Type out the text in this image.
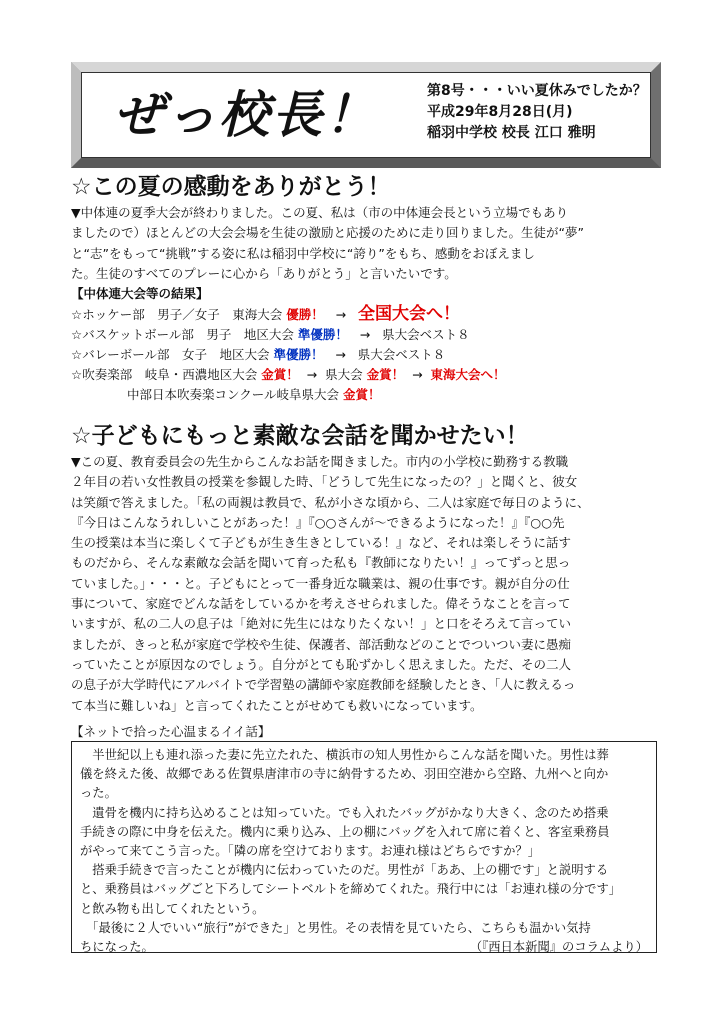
ぜっ校長！	第8号・・・いい夏休みでしたか？
平成29年8月28日(月)
稲羽中学校 校長 江口 雅明
☆この夏の感動をありがとう！

▼中体連の夏季大会が終わりました。この夏、私は（市の中体連会長という立場でもあり

ましたので）ほとんどの大会会場を生徒の激励と応援のために走り回りました。生徒が“夢”

と“志”をもって“挑戦”する姿に私は稲羽中学校に“誇り”をもち、感動をおぼえまし

た。生徒のすべてのプレーに心から「ありがとう」と言いたいです。

【中体連大会等の結果】
☆ホッケー部　男子／女子　東海大会 優勝！ → 全国大会へ！
☆バスケットボール部　男子　地区大会 準優勝！ → 県大会ベスト８
☆バレーボール部　女子　地区大会 準優勝！ → 県大会ベスト８
☆吹奏楽部　岐阜・西濃地区大会 金賞！ → 県大会 金賞！ → 東海大会へ！
中部日本吹奏楽コンクール岐阜県大会 金賞！
☆子どもにもっと素敵な会話を聞かせたい！

▼この夏、教育委員会の先生からこんなお話を聞きました。市内の小学校に勤務する教職

２年目の若い女性教員の授業を参観した時、「どうして先生になったの？」と聞くと、彼女

は笑顔で答えました。「私の両親は教員で、私が小さな頃から、二人は家庭で毎日のように、

『今日はこんなうれしいことがあった！』『○○さんが～できるようになった！』『○○先

生の授業は本当に楽しくて子どもが生き生きとしている！』など、それは楽しそうに話す

ものだから、そんな素敵な会話を聞いて育った私も『教師になりたい！』ってずっと思っ

ていました。」・・・と。子どもにとって一番身近な職業は、親の仕事です。親が自分の仕

事について、家庭でどんな話をしているかを考えさせられました。偉そうなことを言って

いますが、私の二人の息子は「絶対に先生にはなりたくない！」と口をそろえて言ってい

ましたが、きっと私が家庭で学校や生徒、保護者、部活動などのことでついつい妻に愚痴

っていたことが原因なのでしょう。自分がとても恥ずかしく思えました。ただ、その二人

の息子が大学時代にアルバイトで学習塾の講師や家庭教師を経験したとき、「人に教えるっ

て本当に難しいね」と言ってくれたことがせめても救いになっています。

【ネットで拾った心温まるイイ話】

　半世紀以上も連れ添った妻に先立たれた、横浜市の知人男性からこんな話を聞いた。男性は葬

儀を終えた後、故郷である佐賀県唐津市の寺に納骨するため、羽田空港から空路、九州へと向か

った。

　遺骨を機内に持ち込めることは知っていた。でも入れたバッグがかなり大きく、念のため搭乗

手続きの際に中身を伝えた。機内に乗り込み、上の棚にバッグを入れて席に着くと、客室乗務員

がやって来てこう言った。「隣の席を空けております。お連れ様はどちらですか？」

　搭乗手続きで言ったことが機内に伝わっていたのだ。男性が「ああ、上の棚です」と説明する

と、乗務員はバッグごと下ろしてシートベルトを締めてくれた。飛行中には「お連れ様の分です」

と飲み物も出してくれたという。

　「最後に２人でいい“旅行”ができた」と男性。その表情を見ていたら、こちらも温かい気持

ちになった。	（『西日本新聞』のコラムより）
